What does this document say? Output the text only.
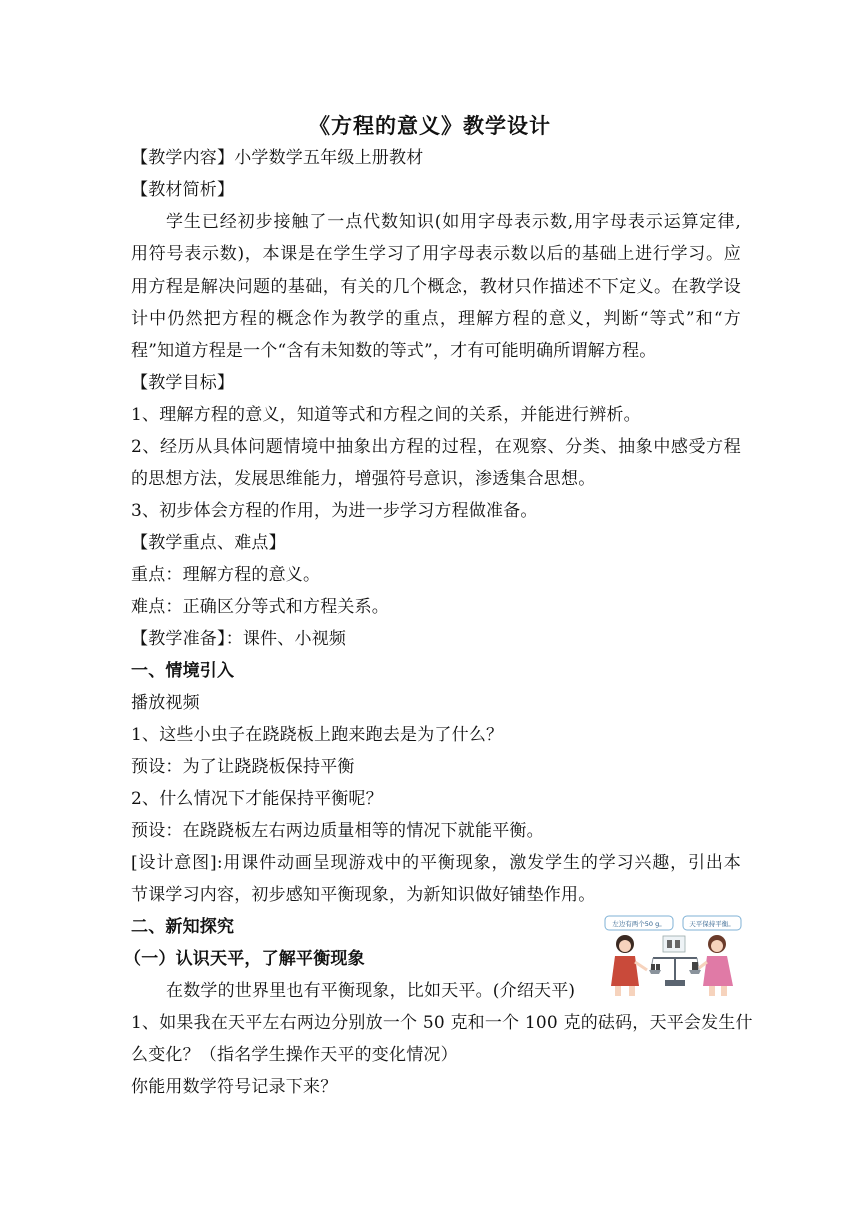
《方程的意义》教学设计
【教学内容】小学数学五年级上册教材
【教材简析】
学生已经初步接触了一点代数知识(如用字母表示数,用字母表示运算定律,
用符号表示数)，本课是在学生学习了用字母表示数以后的基础上进行学习。应
用方程是解决问题的基础，有关的几个概念，教材只作描述不下定义。在教学设
计中仍然把方程的概念作为教学的重点，理解方程的意义，判断“等式”和“方
程”知道方程是一个“含有未知数的等式”，才有可能明确所谓解方程。
【教学目标】
1、理解方程的意义，知道等式和方程之间的关系，并能进行辨析。
2、经历从具体问题情境中抽象出方程的过程，在观察、分类、抽象中感受方程
的思想方法，发展思维能力，增强符号意识，渗透集合思想。
3、初步体会方程的作用，为进一步学习方程做准备。
【教学重点、难点】
重点：理解方程的意义。
难点：正确区分等式和方程关系。
【教学准备】：课件、小视频
一、情境引入
播放视频
1、这些小虫子在跷跷板上跑来跑去是为了什么？
预设：为了让跷跷板保持平衡
2、什么情况下才能保持平衡呢？
预设：在跷跷板左右两边质量相等的情况下就能平衡。
[设计意图]:用课件动画呈现游戏中的平衡现象，激发学生的学习兴趣，引出本
节课学习内容，初步感知平衡现象，为新知识做好铺垫作用。
二、新知探究
（一）认识天平，了解平衡现象
在数学的世界里也有平衡现象，比如天平。(介绍天平)
1、如果我在天平左右两边分别放一个 50 克和一个 100 克的砝码，天平会发生什
么变化？（指名学生操作天平的变化情况）
你能用数学符号记录下来？
左边有两个50 g。	天平保持平衡。
